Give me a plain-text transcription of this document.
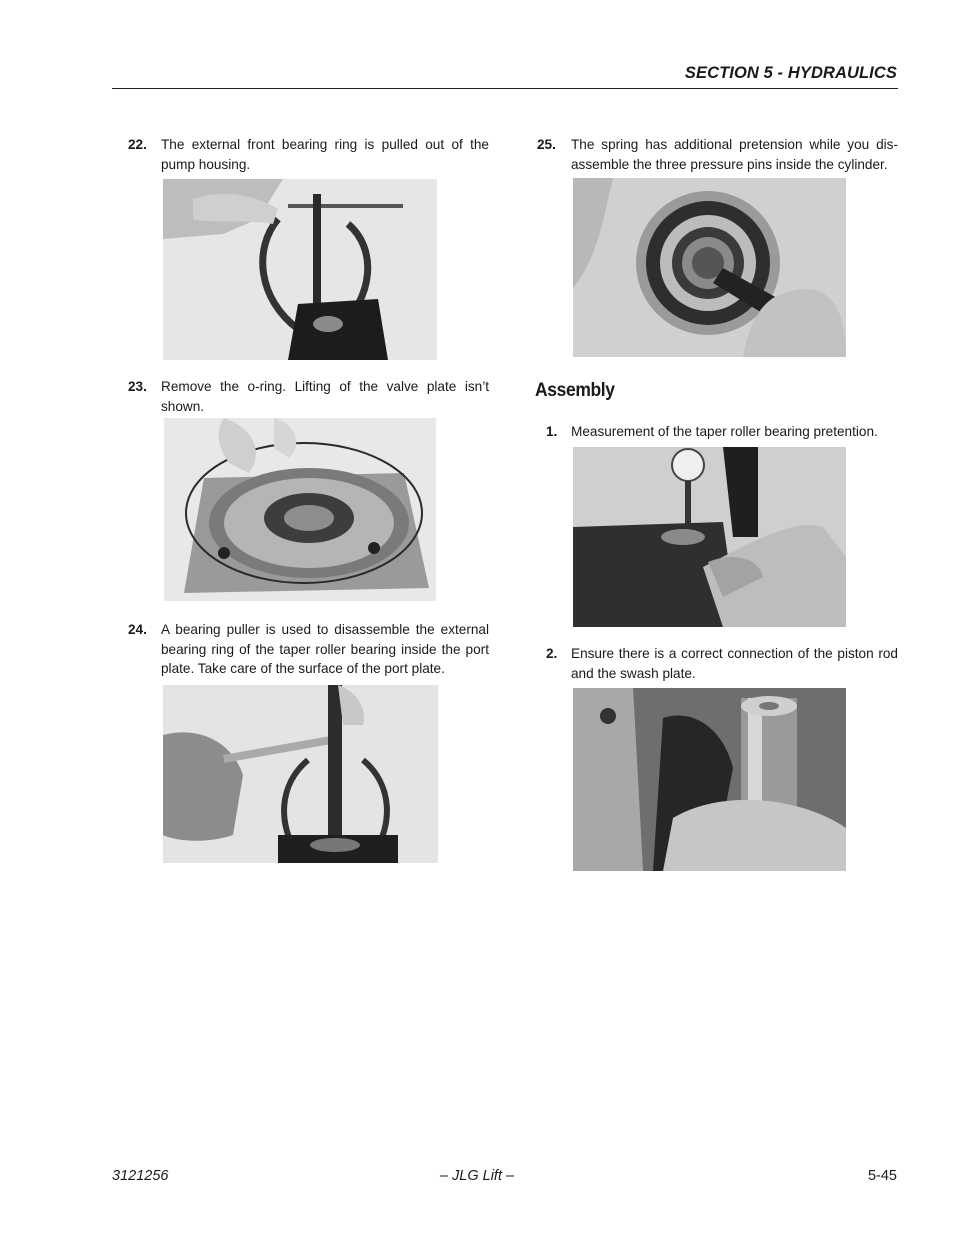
SECTION 5 - HYDRAULICS
22.	The external front bearing ring is pulled out of the pump housing.
23.	Remove the o-ring. Lifting of the valve plate isn’t shown.
24.	A bearing puller is used to disassemble the external bearing ring of the taper roller bearing inside the port plate. Take care of the surface of the port plate.
25.	The spring has additional pretension while you dis-assemble the three pressure pins inside the cylinder.
Assembly
1.	Measurement of the taper roller bearing pretention.
2.	Ensure there is a correct connection of the piston rod and the swash plate.
3121256	– JLG Lift –	5-45
